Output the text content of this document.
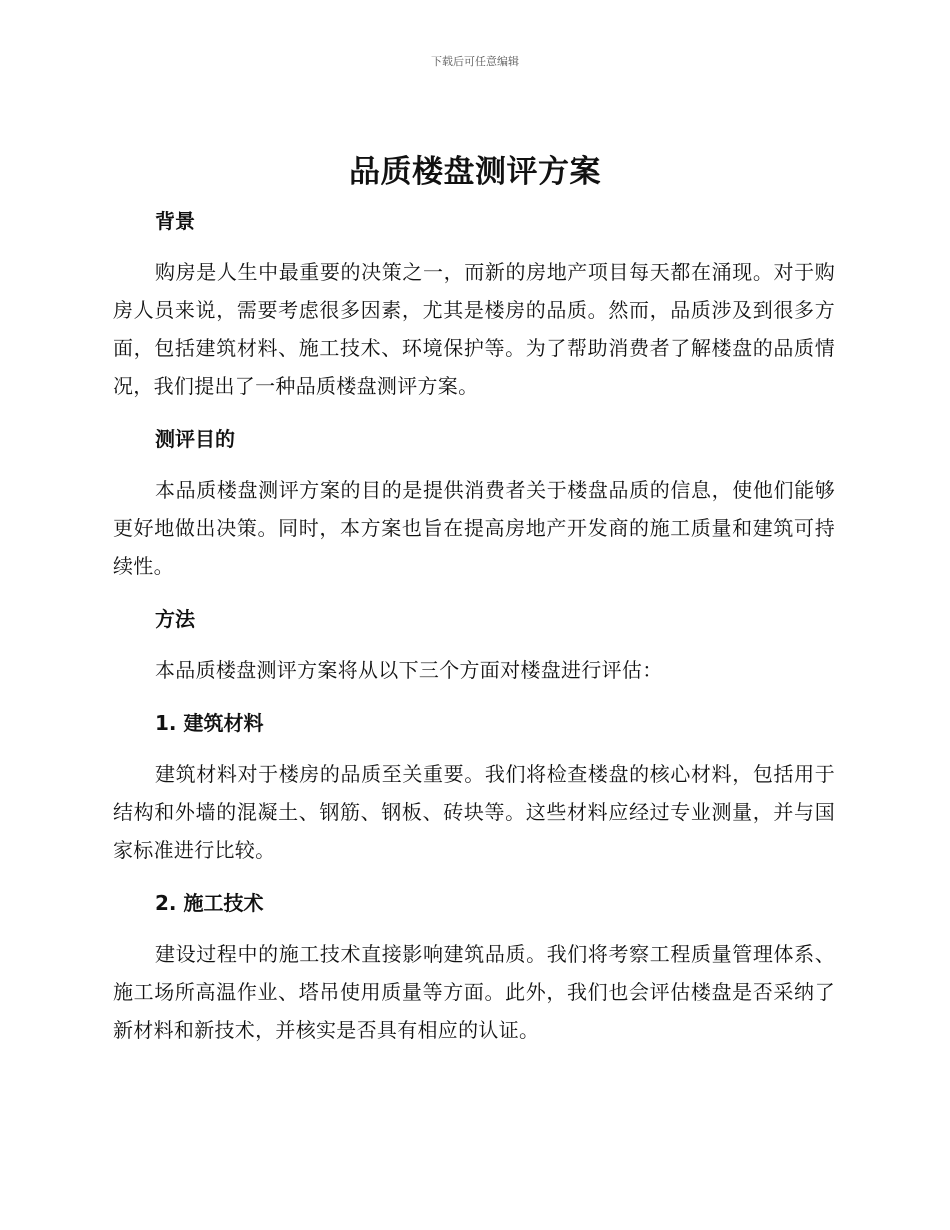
下载后可任意编辑
品质楼盘测评方案
背景

购房是人生中最重要的决策之一，而新的房地产项目每天都在涌现。对于购房人员来说，需要考虑很多因素，尤其是楼房的品质。然而，品质涉及到很多方面，包括建筑材料、施工技术、环境保护等。为了帮助消费者了解楼盘的品质情况，我们提出了一种品质楼盘测评方案。

测评目的

本品质楼盘测评方案的目的是提供消费者关于楼盘品质的信息，使他们能够更好地做出决策。同时，本方案也旨在提高房地产开发商的施工质量和建筑可持续性。

方法

本品质楼盘测评方案将从以下三个方面对楼盘进行评估：

1. 建筑材料

建筑材料对于楼房的品质至关重要。我们将检查楼盘的核心材料，包括用于结构和外墙的混凝土、钢筋、钢板、砖块等。这些材料应经过专业测量，并与国家标准进行比较。

2. 施工技术

建设过程中的施工技术直接影响建筑品质。我们将考察工程质量管理体系、施工场所高温作业、塔吊使用质量等方面。此外，我们也会评估楼盘是否采纳了新材料和新技术，并核实是否具有相应的认证。
